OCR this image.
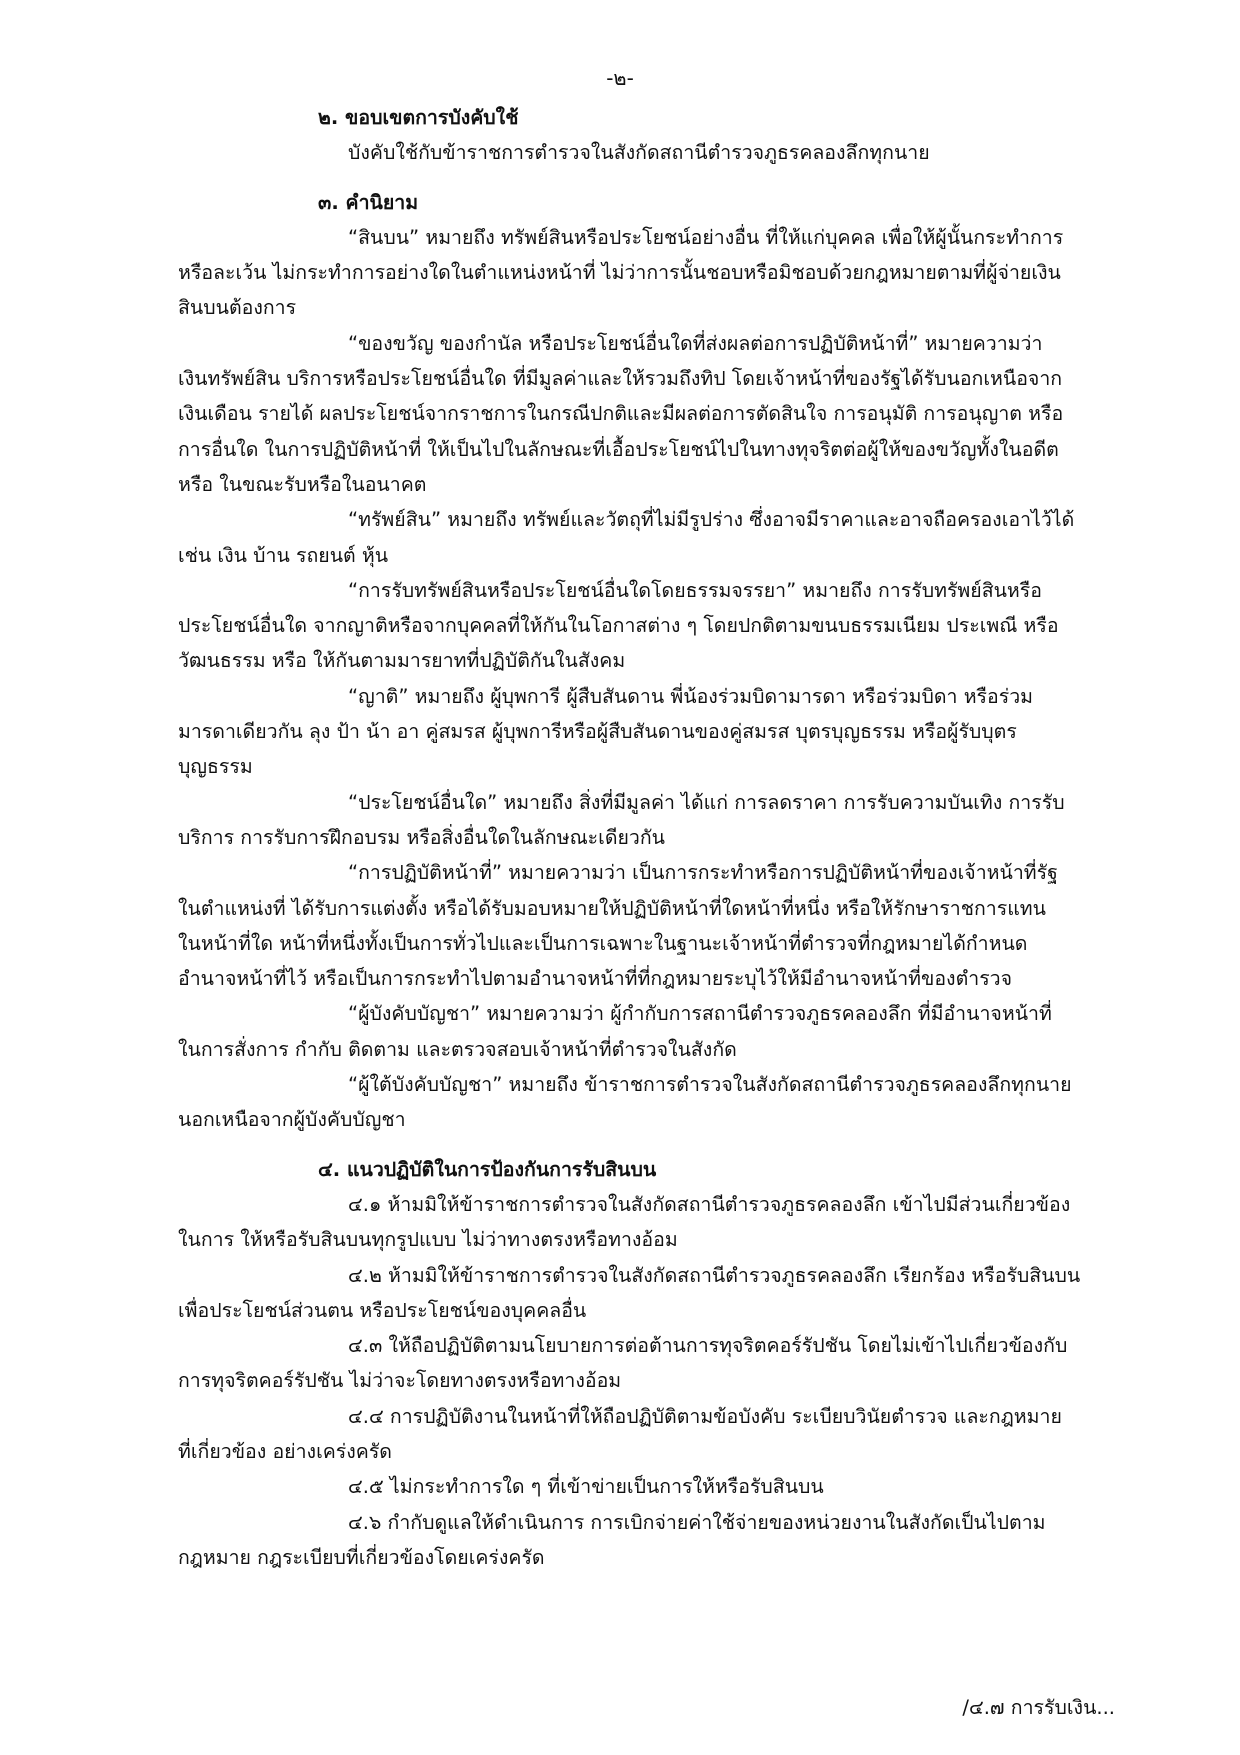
-๒-

๒. ขอบเขตการบังคับใช้

บังคับใช้กับข้าราชการตำรวจในสังกัดสถานีตำรวจภูธรคลองลึกทุกนาย

๓. คำนิยาม

“สินบน” หมายถึง ทรัพย์สินหรือประโยชน์อย่างอื่น ที่ให้แก่บุคคล เพื่อให้ผู้นั้นกระทำการ
หรือละเว้น ไม่กระทำการอย่างใดในตำแหน่งหน้าที่ ไม่ว่าการนั้นชอบหรือมิชอบด้วยกฎหมายตามที่ผู้จ่ายเงิน
สินบนต้องการ
“ของขวัญ ของกำนัล หรือประโยชน์อื่นใดที่ส่งผลต่อการปฏิบัติหน้าที่” หมายความว่า
เงินทรัพย์สิน บริการหรือประโยชน์อื่นใด ที่มีมูลค่าและให้รวมถึงทิป โดยเจ้าหน้าที่ของรัฐได้รับนอกเหนือจาก
เงินเดือน รายได้ ผลประโยชน์จากราชการในกรณีปกติและมีผลต่อการตัดสินใจ การอนุมัติ การอนุญาต หรือ
การอื่นใด ในการปฏิบัติหน้าที่ ให้เป็นไปในลักษณะที่เอื้อประโยชน์ไปในทางทุจริตต่อผู้ให้ของขวัญทั้งในอดีต
หรือ ในขณะรับหรือในอนาคต
“ทรัพย์สิน” หมายถึง ทรัพย์และวัตถุที่ไม่มีรูปร่าง ซึ่งอาจมีราคาและอาจถือครองเอาไว้ได้
เช่น เงิน บ้าน รถยนต์ หุ้น
“การรับทรัพย์สินหรือประโยชน์อื่นใดโดยธรรมจรรยา” หมายถึง การรับทรัพย์สินหรือ
ประโยชน์อื่นใด จากญาติหรือจากบุคคลที่ให้กันในโอกาสต่าง ๆ โดยปกติตามขนบธรรมเนียม ประเพณี หรือ
วัฒนธรรม หรือ ให้กันตามมารยาทที่ปฏิบัติกันในสังคม
“ญาติ” หมายถึง ผู้บุพการี ผู้สืบสันดาน พี่น้องร่วมบิดามารดา หรือร่วมบิดา หรือร่วม
มารดาเดียวกัน ลุง ป้า น้า อา คู่สมรส ผู้บุพการีหรือผู้สืบสันดานของคู่สมรส บุตรบุญธรรม หรือผู้รับบุตร
บุญธรรม
“ประโยชน์อื่นใด” หมายถึง สิ่งที่มีมูลค่า ได้แก่ การลดราคา การรับความบันเทิง การรับ
บริการ การรับการฝึกอบรม หรือสิ่งอื่นใดในลักษณะเดียวกัน
“การปฏิบัติหน้าที่” หมายความว่า เป็นการกระทำหรือการปฏิบัติหน้าที่ของเจ้าหน้าที่รัฐ
ในตำแหน่งที่ ได้รับการแต่งตั้ง หรือได้รับมอบหมายให้ปฏิบัติหน้าที่ใดหน้าที่หนึ่ง หรือให้รักษาราชการแทน
ในหน้าที่ใด หน้าที่หนึ่งทั้งเป็นการทั่วไปและเป็นการเฉพาะในฐานะเจ้าหน้าที่ตำรวจที่กฎหมายได้กำหนด
อำนาจหน้าที่ไว้ หรือเป็นการกระทำไปตามอำนาจหน้าที่ที่กฎหมายระบุไว้ให้มีอำนาจหน้าที่ของตำรวจ
“ผู้บังคับบัญชา” หมายความว่า ผู้กำกับการสถานีตำรวจภูธรคลองลึก ที่มีอำนาจหน้าที่
ในการสั่งการ กำกับ ติดตาม และตรวจสอบเจ้าหน้าที่ตำรวจในสังกัด
“ผู้ใต้บังคับบัญชา” หมายถึง ข้าราชการตำรวจในสังกัดสถานีตำรวจภูธรคลองลึกทุกนาย
นอกเหนือจากผู้บังคับบัญชา

๔. แนวปฏิบัติในการป้องกันการรับสินบน

๔.๑ ห้ามมิให้ข้าราชการตำรวจในสังกัดสถานีตำรวจภูธรคลองลึก เข้าไปมีส่วนเกี่ยวข้อง
ในการ ให้หรือรับสินบนทุกรูปแบบ ไม่ว่าทางตรงหรือทางอ้อม
๔.๒ ห้ามมิให้ข้าราชการตำรวจในสังกัดสถานีตำรวจภูธรคลองลึก เรียกร้อง หรือรับสินบน
เพื่อประโยชน์ส่วนตน หรือประโยชน์ของบุคคลอื่น
๔.๓ ให้ถือปฏิบัติตามนโยบายการต่อต้านการทุจริตคอร์รัปชัน โดยไม่เข้าไปเกี่ยวข้องกับ
การทุจริตคอร์รัปชัน ไม่ว่าจะโดยทางตรงหรือทางอ้อม
๔.๔ การปฏิบัติงานในหน้าที่ให้ถือปฏิบัติตามข้อบังคับ ระเบียบวินัยตำรวจ และกฎหมาย
ที่เกี่ยวข้อง อย่างเคร่งครัด
๔.๕ ไม่กระทำการใด ๆ ที่เข้าข่ายเป็นการให้หรือรับสินบน
๔.๖ กำกับดูแลให้ดำเนินการ การเบิกจ่ายค่าใช้จ่ายของหน่วยงานในสังกัดเป็นไปตาม
กฎหมาย กฎระเบียบที่เกี่ยวข้องโดยเคร่งครัด
/๔.๗ การรับเงิน...
